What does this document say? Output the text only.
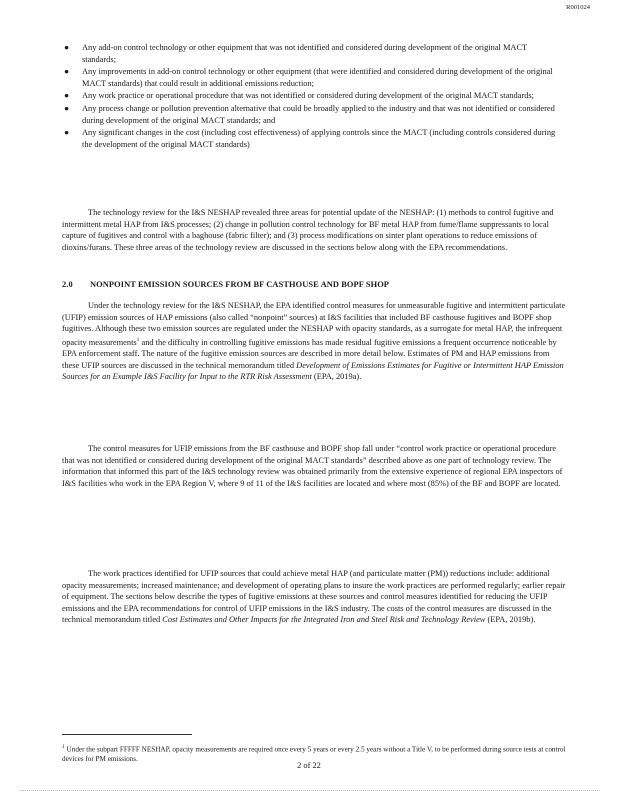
R001024
● Any add-on control technology or other equipment that was not identified and considered during development of the original MACT standards;
● Any improvements in add-on control technology or other equipment (that were identified and considered during development of the original MACT standards) that could result in additional emissions reduction;
● Any work practice or operational procedure that was not identified or considered during development of the original MACT standards;
● Any process change or pollution prevention alternative that could be broadly applied to the industry and that was not identified or considered during development of the original MACT standards; and
● Any significant changes in the cost (including cost effectiveness) of applying controls since the MACT (including controls considered during the development of the original MACT standards)

The technology review for the I&S NESHAP revealed three areas for potential update of the NESHAP: (1) methods to control fugitive and intermittent metal HAP from I&S processes; (2) change in pollution control technology for BF metal HAP from fume/flame suppressants to local capture of fugitives and control with a baghouse (fabric filter); and (3) process modifications on sinter plant operations to reduce emissions of dioxins/furans. These three areas of the technology review are discussed in the sections below along with the EPA recommendations.

2.0 NONPOINT EMISSION SOURCES FROM BF CASTHOUSE AND BOPF SHOP

Under the technology review for the I&S NESHAP, the EPA identified control measures for unmeasurable fugitive and intermittent particulate (UFIP) emission sources of HAP emissions (also called “nonpoint” sources) at I&S facilities that included BF casthouse fugitives and BOPF shop fugitives. Although these two emission sources are regulated under the NESHAP with opacity standards, as a surrogate for metal HAP, the infrequent opacity measurements$^1$ and the difficulty in controlling fugitive emissions has made residual fugitive emissions a frequent occurrence noticeable by EPA enforcement staff. The nature of the fugitive emission sources are described in more detail below. Estimates of PM and HAP emissions from these UFIP sources are discussed in the technical memorandum titled Development of Emissions Estimates for Fugitive or Intermittent HAP Emission Sources for an Example I&S Facility for Input to the RTR Risk Assessment (EPA, 2019a).

The control measures for UFIP emissions from the BF casthouse and BOPF shop fall under “control work practice or operational procedure that was not identified or considered during development of the original MACT standards” described above as one part of technology review. The information that informed this part of the I&S technology review was obtained primarily from the extensive experience of regional EPA inspectors of I&S facilities who work in the EPA Region V, where 9 of 11 of the I&S facilities are located and where most (85%) of the BF and BOPF are located.

The work practices identified for UFIP sources that could achieve metal HAP (and particulate matter (PM)) reductions include: additional opacity measurements; increased maintenance; and development of operating plans to insure the work practices are performed regularly; earlier repair of equipment. The sections below describe the types of fugitive emissions at these sources and control measures identified for reducing the UFIP emissions and the EPA recommendations for control of UFIP emissions in the I&S industry. The costs of the control measures are discussed in the technical memorandum titled Cost Estimates and Other Impacts for the Integrated Iron and Steel Risk and Technology Review (EPA, 2019b).

$^1$ Under the subpart FFFFF NESHAP, opacity measurements are required once every 5 years or every 2.5 years without a Title V, to be performed during source tests at control devices for PM emissions.
2 of 22
